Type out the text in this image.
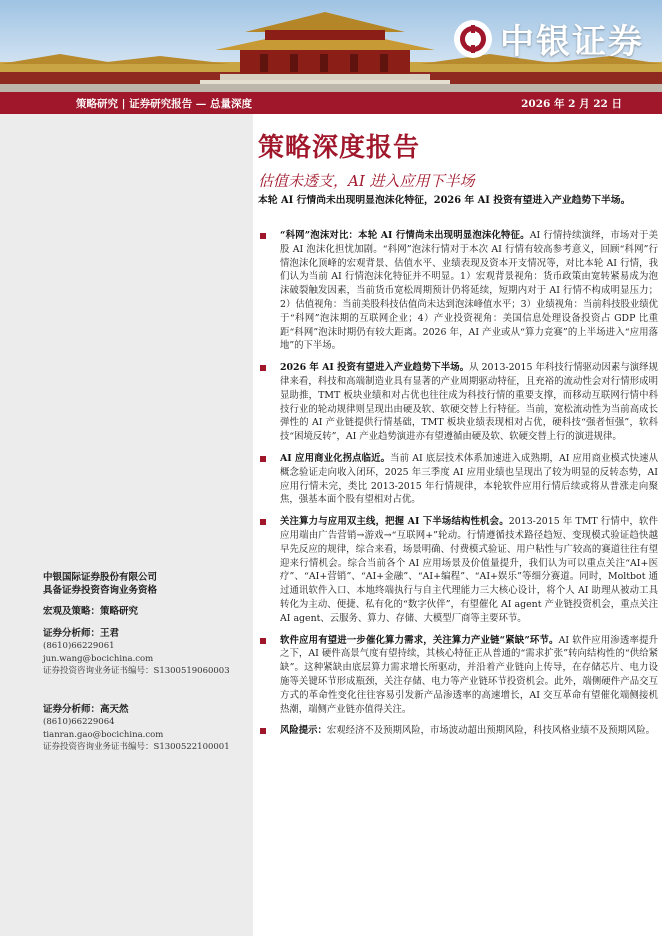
中银证券
策略研究 | 证券研究报告 — 总量深度	2026 年 2 月 22 日
中银国际证券股份有限公司
具备证券投资咨询业务资格
宏观及策略：策略研究
证券分析师：王君
(8610)66229061
jun.wang@bocichina.com
证券投资咨询业务证书编号：S1300519060003
证券分析师：高天然
(8610)66229064
tianran.gao@bocichina.com
证券投资咨询业务证书编号：S1300522100001
策略深度报告
估值未透支，AI 进入应用下半场
本轮 AI 行情尚未出现明显泡沫化特征，2026 年 AI 投资有望进入产业趋势下半场。
“科网”泡沫对比：本轮 AI 行情尚未出现明显泡沫化特征。AI 行情持续演绎，市场对于美股 AI 泡沫化担忧加剧。“科网”泡沫行情对于本次 AI 行情有较高参考意义，回顾“科网”行情泡沫化顶峰的宏观背景、估值水平、业绩表现及资本开支情况等，对比本轮 AI 行情，我们认为当前 AI 行情泡沫化特征并不明显。1）宏观背景视角：货币政策由宽转紧易成为泡沫破裂触发因素，当前货币宽松周期预计仍将延续，短期内对于 AI 行情不构成明显压力；2）估值视角：当前美股科技估值尚未达到泡沫峰值水平；3）业绩视角：当前科技股业绩优于“科网”泡沫期的互联网企业；4）产业投资视角：美国信息处理设备投资占 GDP 比重距“科网”泡沫时期仍有较大距离。2026 年，AI 产业或从“算力竞赛”的上半场进入“应用落地”的下半场。
2026 年 AI 投资有望进入产业趋势下半场。从 2013-2015 年科技行情驱动因素与演绎规律来看，科技和高端制造业具有显著的产业周期驱动特征，且充裕的流动性会对行情形成明显助推，TMT 板块业绩和对占优也往往成为科技行情的重要支撑，而移动互联网行情中科技行业的轮动规律则呈现出由硬及软、软硬交替上行特征。当前，宽松流动性为当前高成长弹性的 AI 产业链提供行情基础，TMT 板块业绩表现相对占优，硬科技“强者恒强”，软科技“困境反转”，AI 产业趋势演进亦有望遵循由硬及软、软硬交替上行的演进规律。
AI 应用商业化拐点临近。当前 AI 底层技术体系加速进入成熟期，AI 应用商业模式快速从概念验证走向收入闭环，2025 年三季度 AI 应用业绩也呈现出了较为明显的反转态势，AI 应用行情未完，类比 2013-2015 年行情规律，本轮软件应用行情后续或将从普涨走向聚焦，强基本面个股有望相对占优。
关注算力与应用双主线，把握 AI 下半场结构性机会。2013-2015 年 TMT 行情中，软件应用端由广告营销→游戏→“互联网+”轮动。行情遵循技术路径趋短、变现模式验证趋快越早先反应的规律，综合来看，场景明确、付费模式验证、用户粘性与广较高的赛道往往有望迎来行情机会。综合当前各个 AI 应用场景及价值量提升，我们认为可以重点关注“AI+医疗”、“AI+营销”、“AI+金融”、“AI+编程”、“AI+娱乐”等细分赛道。同时，Moltbot 通过通讯软件入口、本地终端执行与自主代理能力三大核心设计，将个人 AI 助理从被动工具转化为主动、便捷、私有化的“数字伙伴”，有望催化 AI agent 产业链投资机会，重点关注 AI agent、云服务、算力、存储、大模型厂商等主要环节。
软件应用有望进一步催化算力需求，关注算力产业链“紧缺”环节。AI 软件应用渗透率提升之下，AI 硬件高景气度有望持续，其核心特征正从普通的“需求扩张”转向结构性的“供给紧缺”。这种紧缺由底层算力需求增长所驱动，并沿着产业链向上传导，在存储芯片、电力设施等关键环节形成瓶颈，关注存储、电力等产业链环节投资机会。此外，端侧硬件产品交互方式的革命性变化往往容易引发新产品渗透率的高速增长，AI 交互革命有望催化端侧接机热潮，端侧产业链亦值得关注。
风险提示：宏观经济不及预期风险，市场波动超出预期风险，科技风格业绩不及预期风险。
